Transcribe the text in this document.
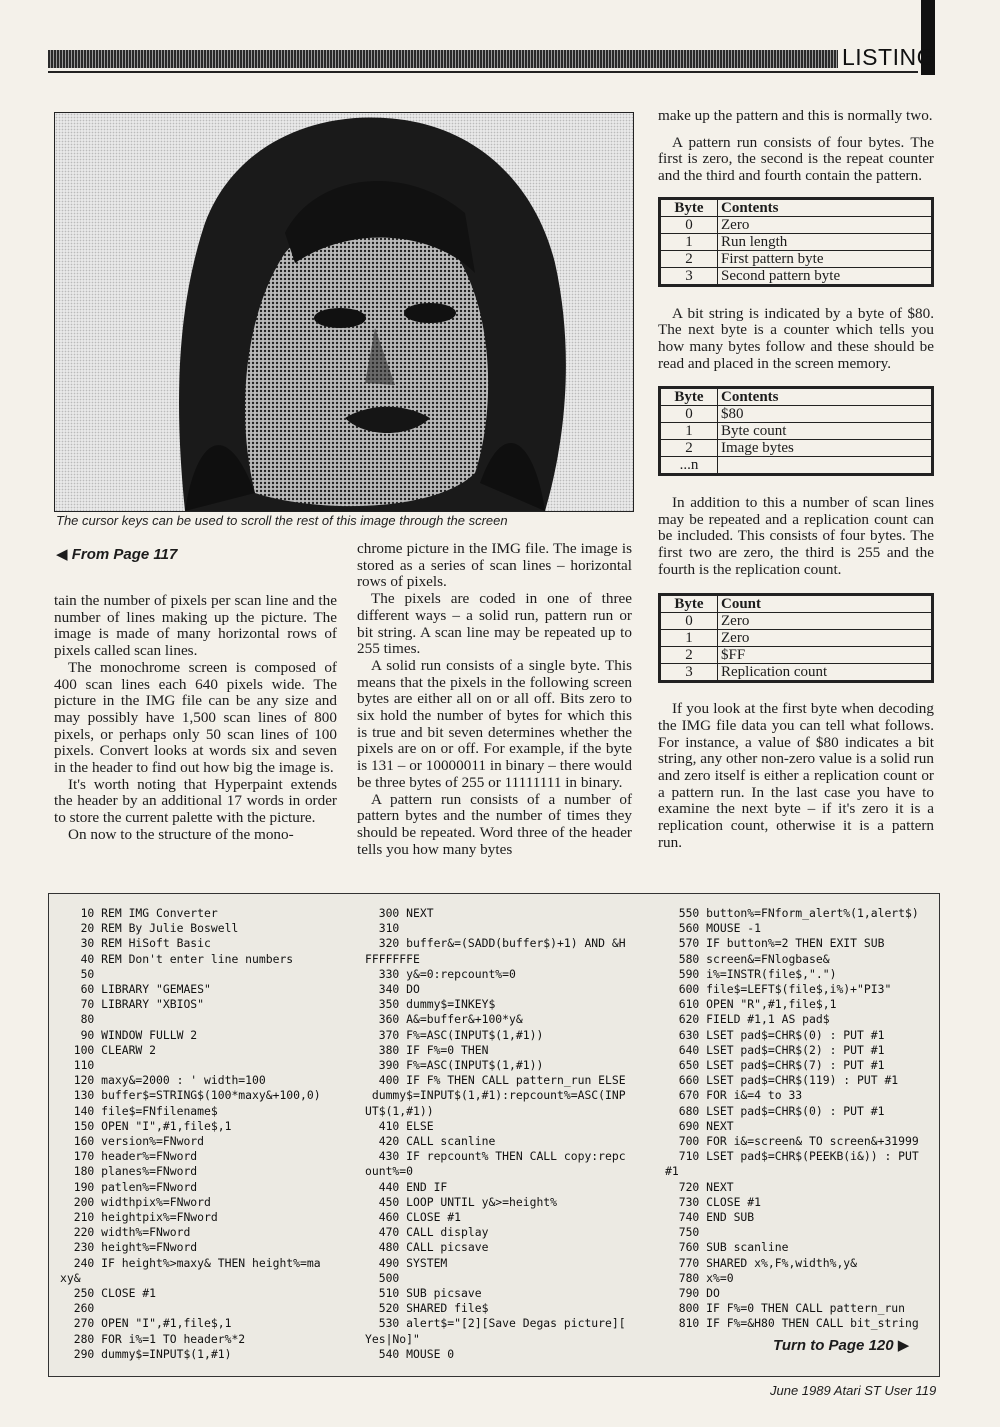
LISTING
The cursor keys can be used to scroll the rest of this image through the screen
◀ From Page 117

tain the number of pixels per scan line and the number of lines making up the picture. The image is made of many horizontal rows of pixels called scan lines.

The monochrome screen is composed of 400 scan lines each 640 pixels wide. The picture in the IMG file can be any size and may possibly have 1,500 scan lines of 800 pixels, or perhaps only 50 scan lines of 100 pixels. Convert looks at words six and seven in the header to find out how big the image is.

It's worth noting that Hyperpaint extends the header by an additional 17 words in order to store the current palette with the picture.

On now to the structure of the mono-

chrome picture in the IMG file. The image is stored as a series of scan lines – horizontal rows of pixels.

The pixels are coded in one of three different ways – a solid run, pattern run or bit string. A scan line may be repeated up to 255 times.

A solid run consists of a single byte. This means that the pixels in the following screen bytes are either all on or all off. Bits zero to six hold the number of bytes for which this is true and bit seven determines whether the pixels are on or off. For example, if the byte is 131 – or 10000011 in binary – there would be three bytes of 255 or 11111111 in binary.

A pattern run consists of a number of pattern bytes and the number of times they should be repeated. Word three of the header tells you how many bytes

make up the pattern and this is normally two.

A pattern run consists of four bytes. The first is zero, the second is the repeat counter and the third and fourth contain the pattern.

Byte	Contents
0	Zero
1	Run length
2	First pattern byte
3	Second pattern byte

A bit string is indicated by a byte of $80. The next byte is a counter which tells you how many bytes follow and these should be read and placed in the screen memory.

Byte	Contents
0	$80
1	Byte count
2	Image bytes
...n	

In addition to this a number of scan lines may be repeated and a replication count can be included. This consists of four bytes. The first two are zero, the third is 255 and the fourth is the replication count.

Byte	Count
0	Zero
1	Zero
2	$FF
3	Replication count

If you look at the first byte when decoding the IMG file data you can tell what follows. For instance, a value of $80 indicates a bit string, any other non-zero value is a solid run and zero itself is either a replication count or a pattern run. In the last case you have to examine the next byte – if it's zero it is a replication count, otherwise it is a pattern run.

10 REM IMG Converter
20 REM By Julie Boswell
30 REM HiSoft Basic
40 REM Don't enter line numbers
50
60 LIBRARY "GEMAES"
70 LIBRARY "XBIOS"
80
90 WINDOW FULLW 2
100 CLEARW 2
110
120 maxy&=2000 : ' width=100
130 buffer$=STRING$(100*maxy&+100,0)
140 file$=FNfilename$
150 OPEN "I",#1,file$,1
160 version%=FNword
170 header%=FNword
180 planes%=FNword
190 patlen%=FNword
200 widthpix%=FNword
210 heightpix%=FNword
220 width%=FNword
230 height%=FNword
240 IF height%>maxy& THEN height%=ma
xy&
250 CLOSE #1
260
270 OPEN "I",#1,file$,1
280 FOR i%=1 TO header%*2
290 dummy$=INPUT$(1,#1)
300 NEXT
310
320 buffer&=(SADD(buffer$)+1) AND &H
FFFFFFFE
330 y&=0:repcount%=0
340 DO
350 dummy$=INKEY$
360 A&=buffer&+100*y&
370 F%=ASC(INPUT$(1,#1))
380 IF F%=0 THEN
390 F%=ASC(INPUT$(1,#1))
400 IF F% THEN CALL pattern_run ELSE
dummy$=INPUT$(1,#1):repcount%=ASC(INP
UT$(1,#1))
410 ELSE
420 CALL scanline
430 IF repcount% THEN CALL copy:repc
ount%=0
440 END IF
450 LOOP UNTIL y&>=height%
460 CLOSE #1
470 CALL display
480 CALL picsave
490 SYSTEM
500
510 SUB picsave
520 SHARED file$
530 alert$="[2][Save Degas picture][
Yes|No]"
540 MOUSE 0
550 button%=FNform_alert%(1,alert$)
560 MOUSE -1
570 IF button%=2 THEN EXIT SUB
580 screen&=FNlogbase&
590 i%=INSTR(file$,".")
600 file$=LEFT$(file$,i%)+"PI3"
610 OPEN "R",#1,file$,1
620 FIELD #1,1 AS pad$
630 LSET pad$=CHR$(0) : PUT #1
640 LSET pad$=CHR$(2) : PUT #1
650 LSET pad$=CHR$(7) : PUT #1
660 LSET pad$=CHR$(119) : PUT #1
670 FOR i&=4 to 33
680 LSET pad$=CHR$(0) : PUT #1
690 NEXT
700 FOR i&=screen& TO screen&+31999
710 LSET pad$=CHR$(PEEKB(i&)) : PUT
#1
720 NEXT
730 CLOSE #1
740 END SUB
750
760 SUB scanline
770 SHARED x%,F%,width%,y&
780 x%=0
790 DO
800 IF F%=0 THEN CALL pattern_run
810 IF F%=&H80 THEN CALL bit_string
Turn to Page 120 ▶
June 1989 Atari ST User 119
